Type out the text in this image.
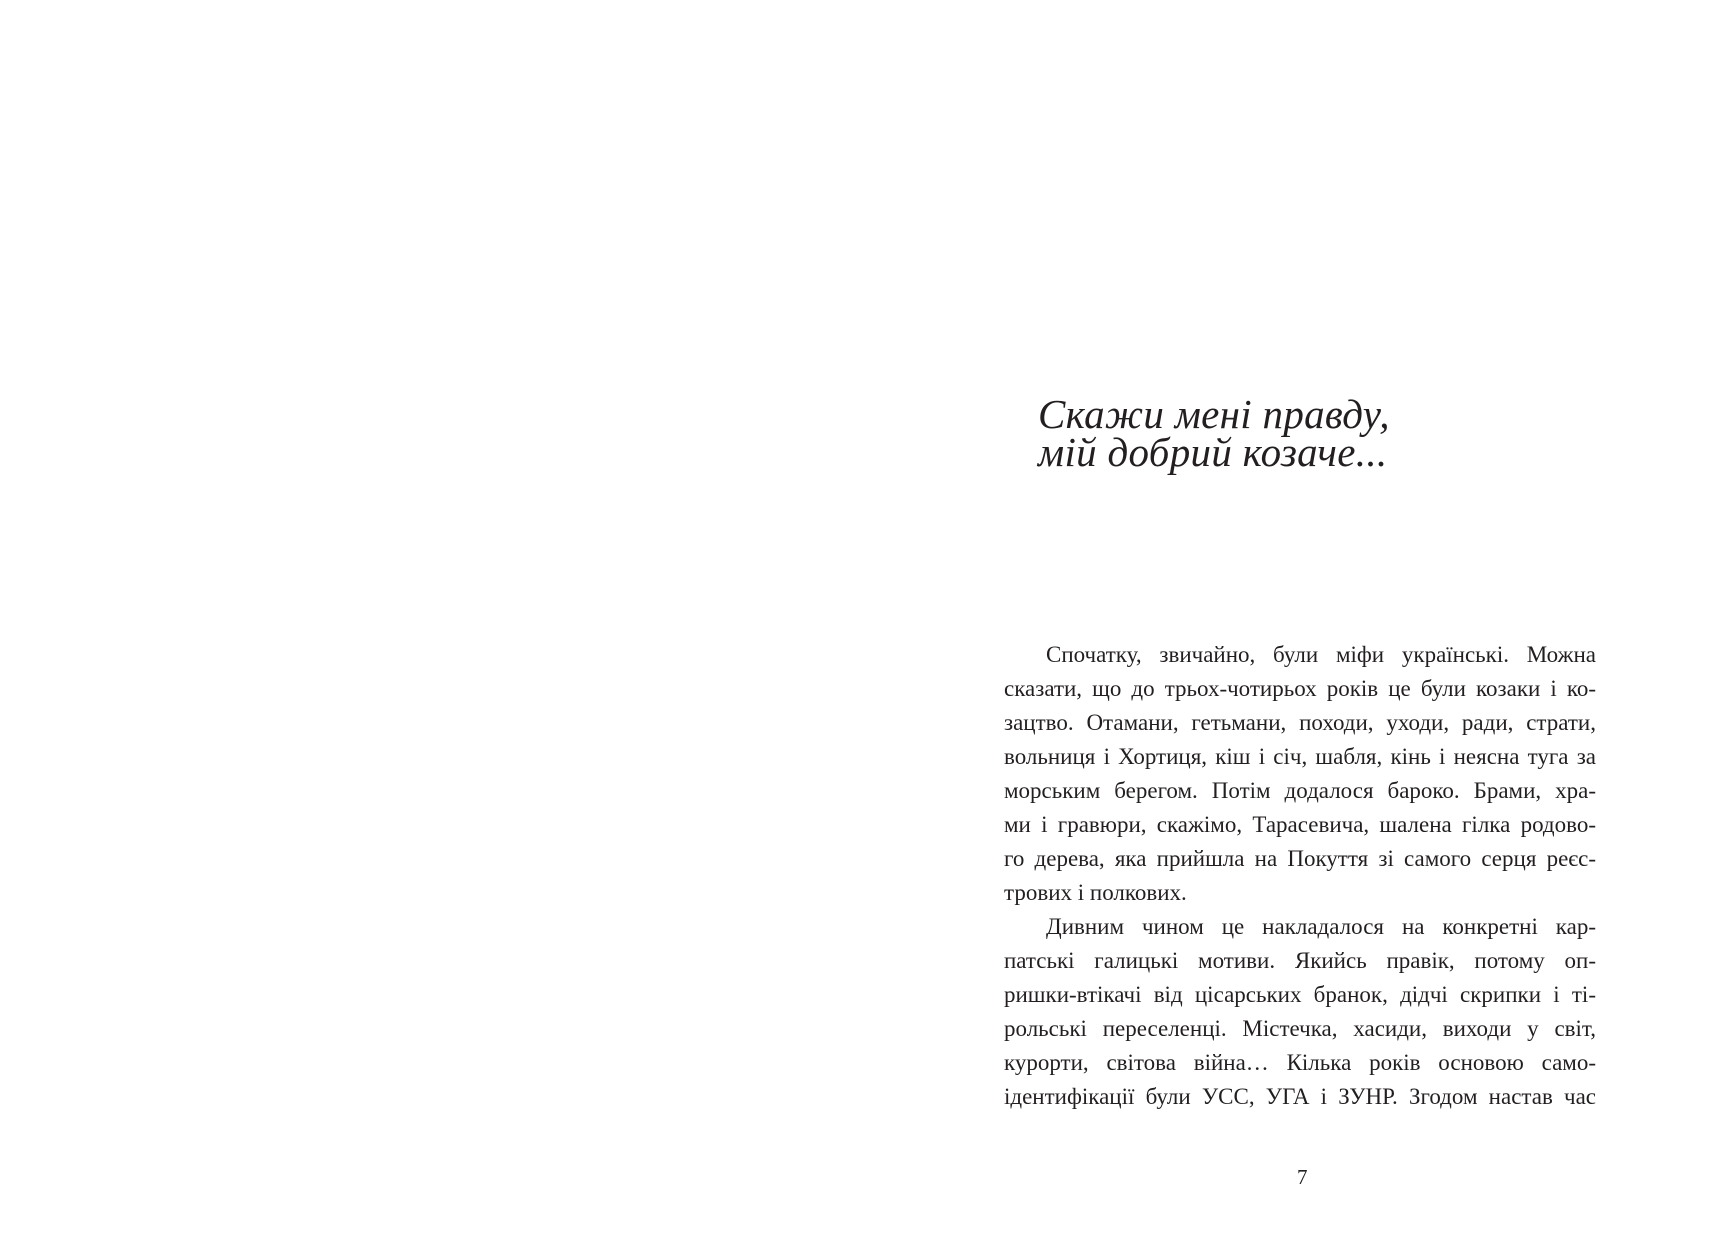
Скажи мені правду,
мій добрий козаче...
Спочатку, звичайно, були міфи українські. Можна
сказати, що до трьох-чотирьох років це були козаки і ко-
зацтво. Отамани, гетьмани, походи, уходи, ради, страти,
вольниця і Хортиця, кіш і січ, шабля, кінь і неясна туга за
морським берегом. Потім додалося бароко. Брами, хра-
ми і гравюри, скажімо, Тарасевича, шалена гілка родово-
го дерева, яка прийшла на Покуття зі самого серця реєс-
трових і полкових.
Дивним чином це накладалося на конкретні кар-
патські галицькі мотиви. Якийсь правік, потому оп-
ришки-втікачі від цісарських бранок, дідчі скрипки і ті-
рольські переселенці. Містечка, хасиди, виходи у світ,
курорти, світова війна… Кілька років основою само-
ідентифікації були УСС, УГА і ЗУНР. Згодом настав час
7
